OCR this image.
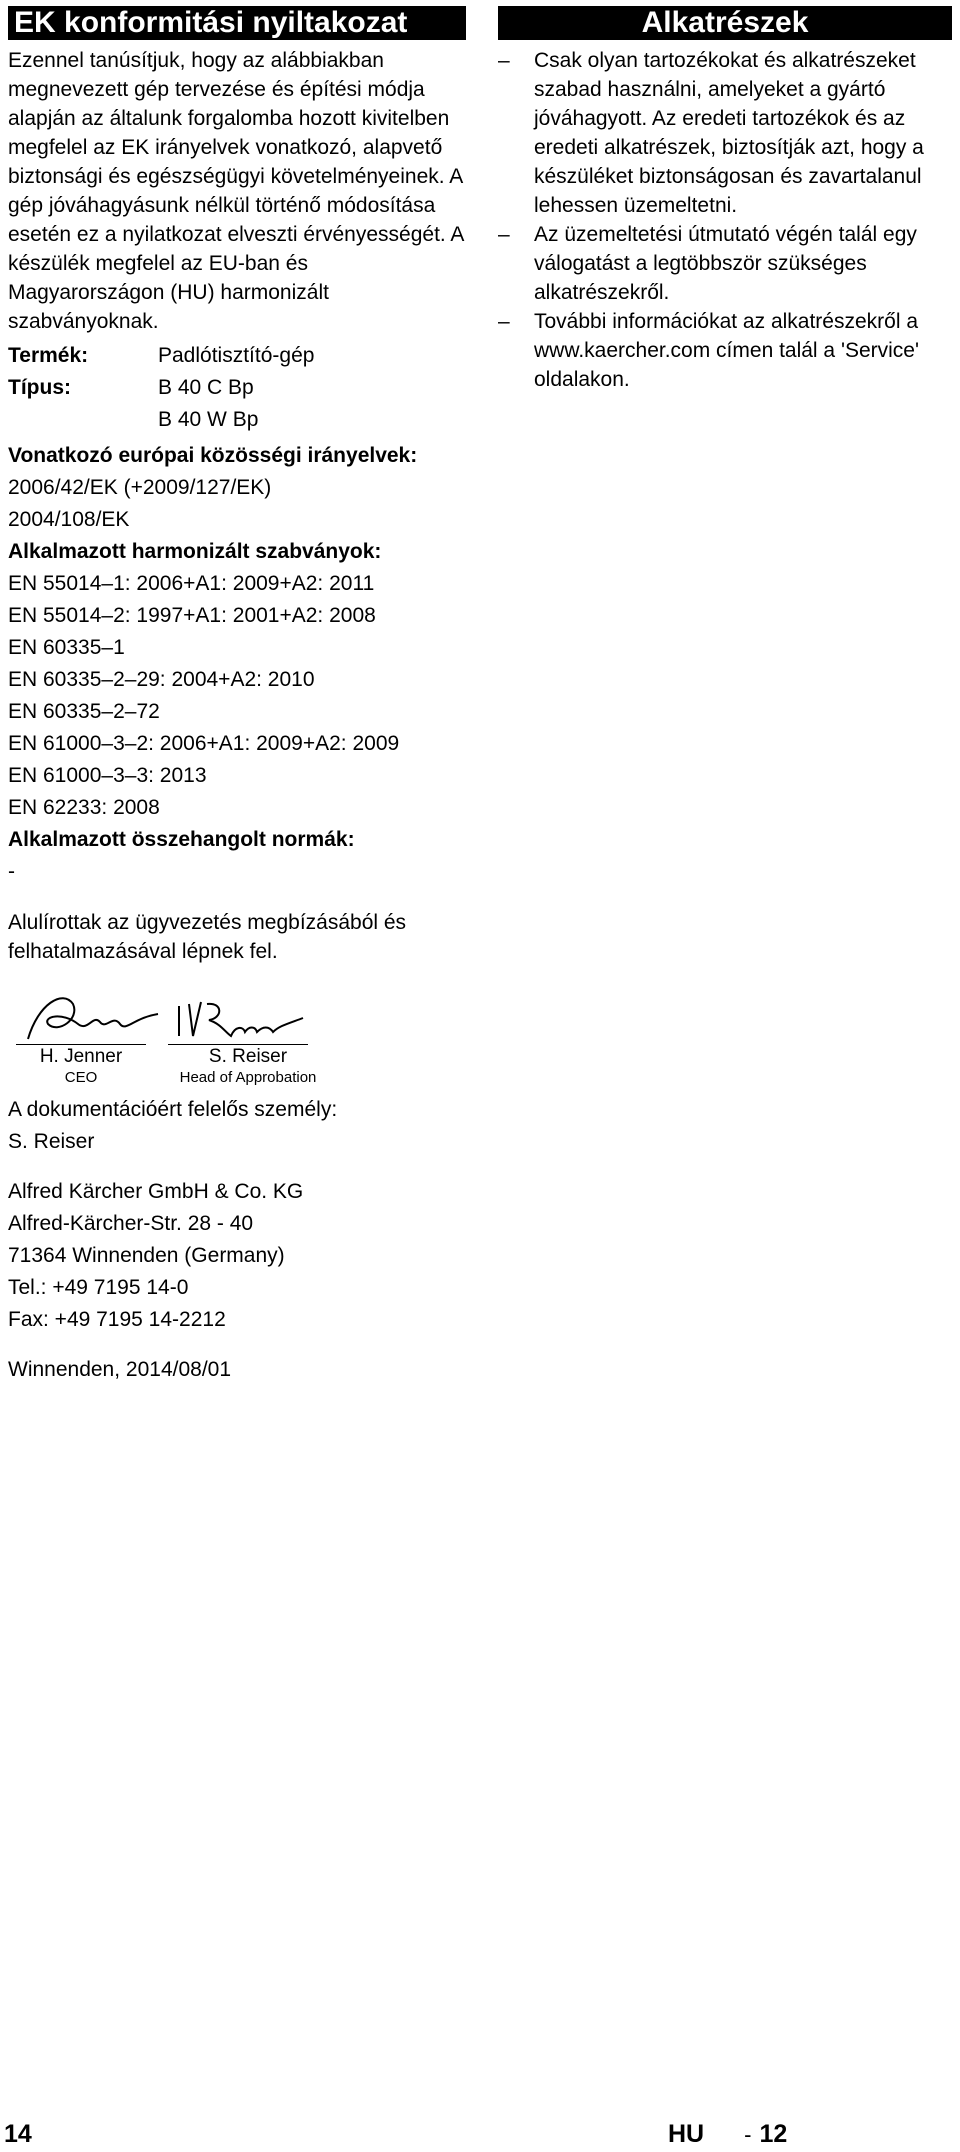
EK konformitási nyiltakozat

Ezennel tanúsítjuk, hogy az alábbiakban megnevezett gép tervezése és építési módja alapján az általunk forgalomba hozott kivitelben megfelel az EK irányelvek vonatkozó, alapvető biztonsági és egészségügyi követelményeinek. A gép jóváhagyásunk nélkül történő módosítása esetén ez a nyilatkozat elveszti érvényességét. A készülék megfelel az EU-ban és Magyarországon (HU) harmonizált szabványoknak.

Termék:	Padlótisztító-gép
Típus:	B 40 C Bp
B 40 W Bp
Vonatkozó európai közösségi irányelvek:
2006/42/EK (+2009/127/EK)
2004/108/EK
Alkalmazott harmonizált szabványok:
EN 55014–1: 2006+A1: 2009+A2: 2011
EN 55014–2: 1997+A1: 2001+A2: 2008
EN 60335–1
EN 60335–2–29: 2004+A2: 2010
EN 60335–2–72
EN 61000–3–2: 2006+A1: 2009+A2: 2009
EN 61000–3–3: 2013
EN 62233: 2008
Alkalmazott összehangolt normák:
-

Alulírottak az ügyvezetés megbízásából és felhatalmazásával lépnek fel.

H. Jenner
CEO
S. Reiser
Head of Approbation
A dokumentációért felelős személy:
S. Reiser
Alfred Kärcher GmbH & Co. KG
Alfred-Kärcher-Str. 28 - 40
71364 Winnenden (Germany)
Tel.: +49 7195 14-0
Fax: +49 7195 14-2212
Winnenden, 2014/08/01
Alkatrészek
–	Csak olyan tartozékokat és alkatrészeket szabad használni, amelyeket a gyártó jóváhagyott. Az eredeti tartozékok és az eredeti alkatrészek, biztosítják azt, hogy a készüléket biztonságosan és zavartalanul lehessen üzemeltetni.
–	Az üzemeltetési útmutató végén talál egy válogatást a legtöbbször szükséges alkatrészekről.
–	További információkat az alkatrészekről a www.kaercher.com címen talál a 'Service' oldalakon.
14	HU - 12
